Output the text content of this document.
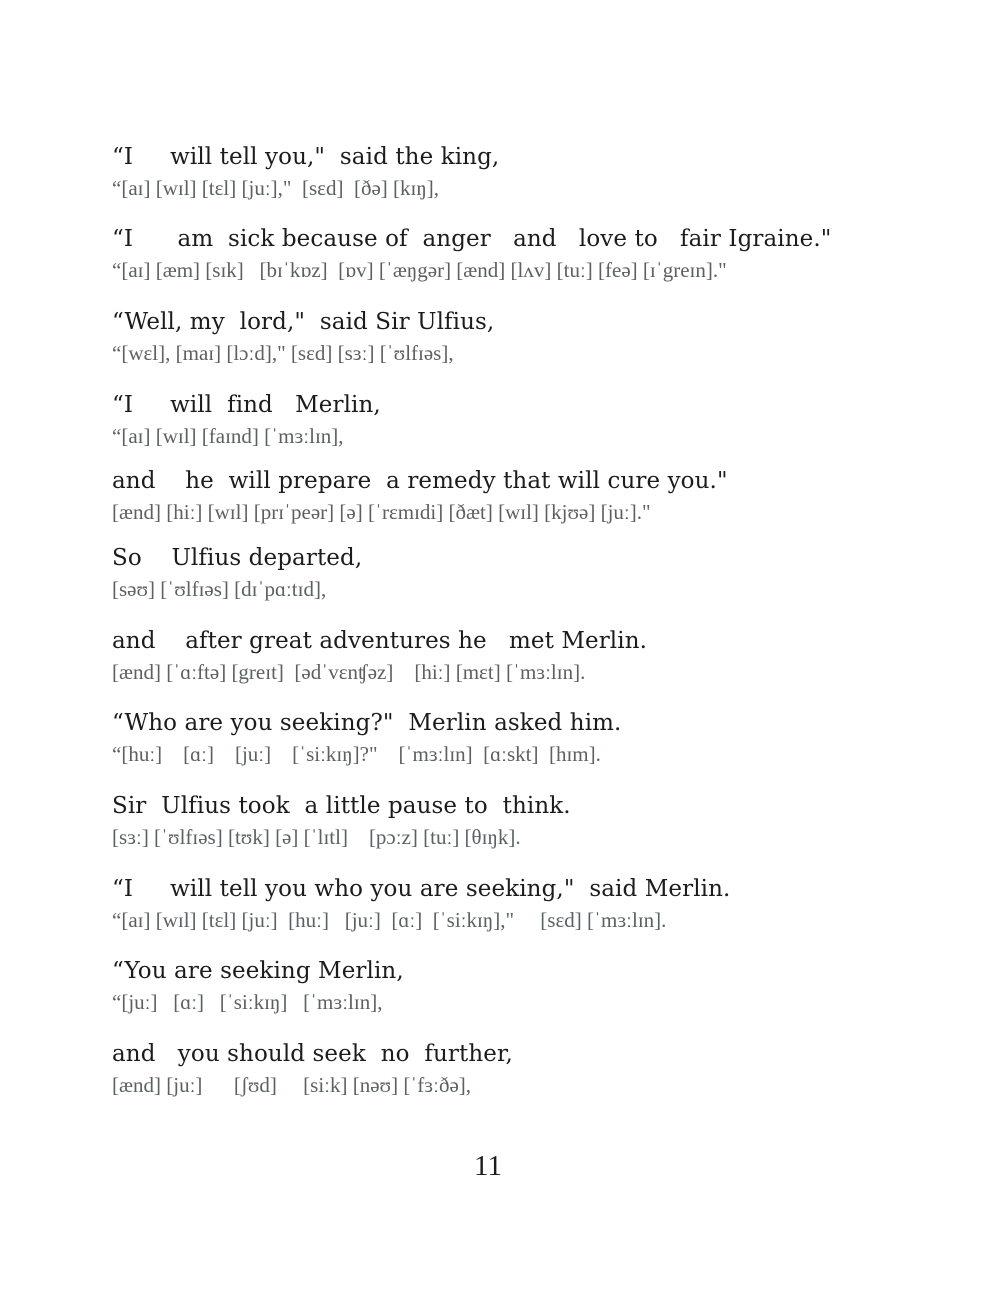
“I     will tell you,"  said the king,
“[aɪ] [wɪl] [tɛl] [juː],"  [sɛd]  [ðə] [kɪŋ],
“I      am  sick because of  anger   and   love to   fair Igraine."
“[aɪ] [æm] [sɪk]   [bɪˈkɒz]  [ɒv] [ˈæŋgər] [ænd] [lʌv] [tuː] [feə] [ɪˈgreɪn]."
“Well, my  lord,"  said Sir Ulfius,
“[wɛl], [maɪ] [lɔːd]," [sɛd] [sɜː] [ˈʊlfɪəs],
“I     will  find   Merlin,
“[aɪ] [wɪl] [faɪnd] [ˈmɜːlɪn],
and    he  will prepare  a remedy that will cure you."
[ænd] [hiː] [wɪl] [prɪˈpeər] [ə] [ˈrɛmɪdi] [ðæt] [wɪl] [kjʊə] [juː]."
So    Ulfius departed,
[səʊ] [ˈʊlfɪəs] [dɪˈpɑːtɪd],
and    after great adventures he   met Merlin.
[ænd] [ˈɑːftə] [greɪt]  [ədˈvɛnʧəz]    [hiː] [mɛt] [ˈmɜːlɪn].
“Who are you seeking?"  Merlin asked him.
“[huː]    [ɑː]    [juː]    [ˈsiːkɪŋ]?"    [ˈmɜːlɪn]  [ɑːskt]  [hɪm].
Sir  Ulfius took  a little pause to  think.
[sɜː] [ˈʊlfɪəs] [tʊk] [ə] [ˈlɪtl]    [pɔːz] [tuː] [θɪŋk].
“I     will tell you who you are seeking,"  said Merlin.
“[aɪ] [wɪl] [tɛl] [juː]  [huː]   [juː]  [ɑː]  [ˈsiːkɪŋ],"     [sɛd] [ˈmɜːlɪn].
“You are seeking Merlin,
“[juː]   [ɑː]   [ˈsiːkɪŋ]   [ˈmɜːlɪn],
and   you should seek  no  further,
[ænd] [juː]      [ʃʊd]     [siːk] [nəʊ] [ˈfɜːðə],
11
